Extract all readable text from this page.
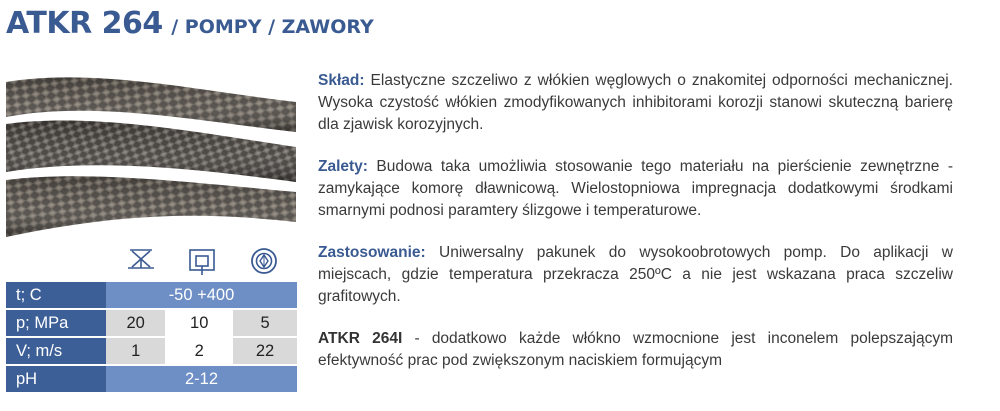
ATKR 264 / POMPY / ZAWORY
t; C	-50 +400		
p; MPa	20	10	5
V; m/s	1	2	22
pH	2-12		

Skład: Elastyczne szczeliwo z włókien węglowych o znakomitej odporności mechanicznej. Wysoka czystość włókien zmodyfikowanych inhibitorami korozji stanowi skuteczną barierę dla zjawisk korozyjnych.

Zalety: Budowa taka umożliwia stosowanie tego materiału na pierścienie zewnętrzne - zamykające komorę dławnicową. Wielostopniowa impregnacja dodatkowymi środkami smarnymi podnosi paramtery ślizgowe i temperaturowe.

Zastosowanie: Uniwersalny pakunek do wysokoobrotowych pomp. Do aplikacji w miejscach, gdzie temperatura przekracza 250ºC a nie jest wskazana praca szczeliw grafitowych.

ATKR 264I - dodatkowo każde włókno wzmocnione jest inconelem polepszającym efektywność prac pod zwiększonym naciskiem formującym
